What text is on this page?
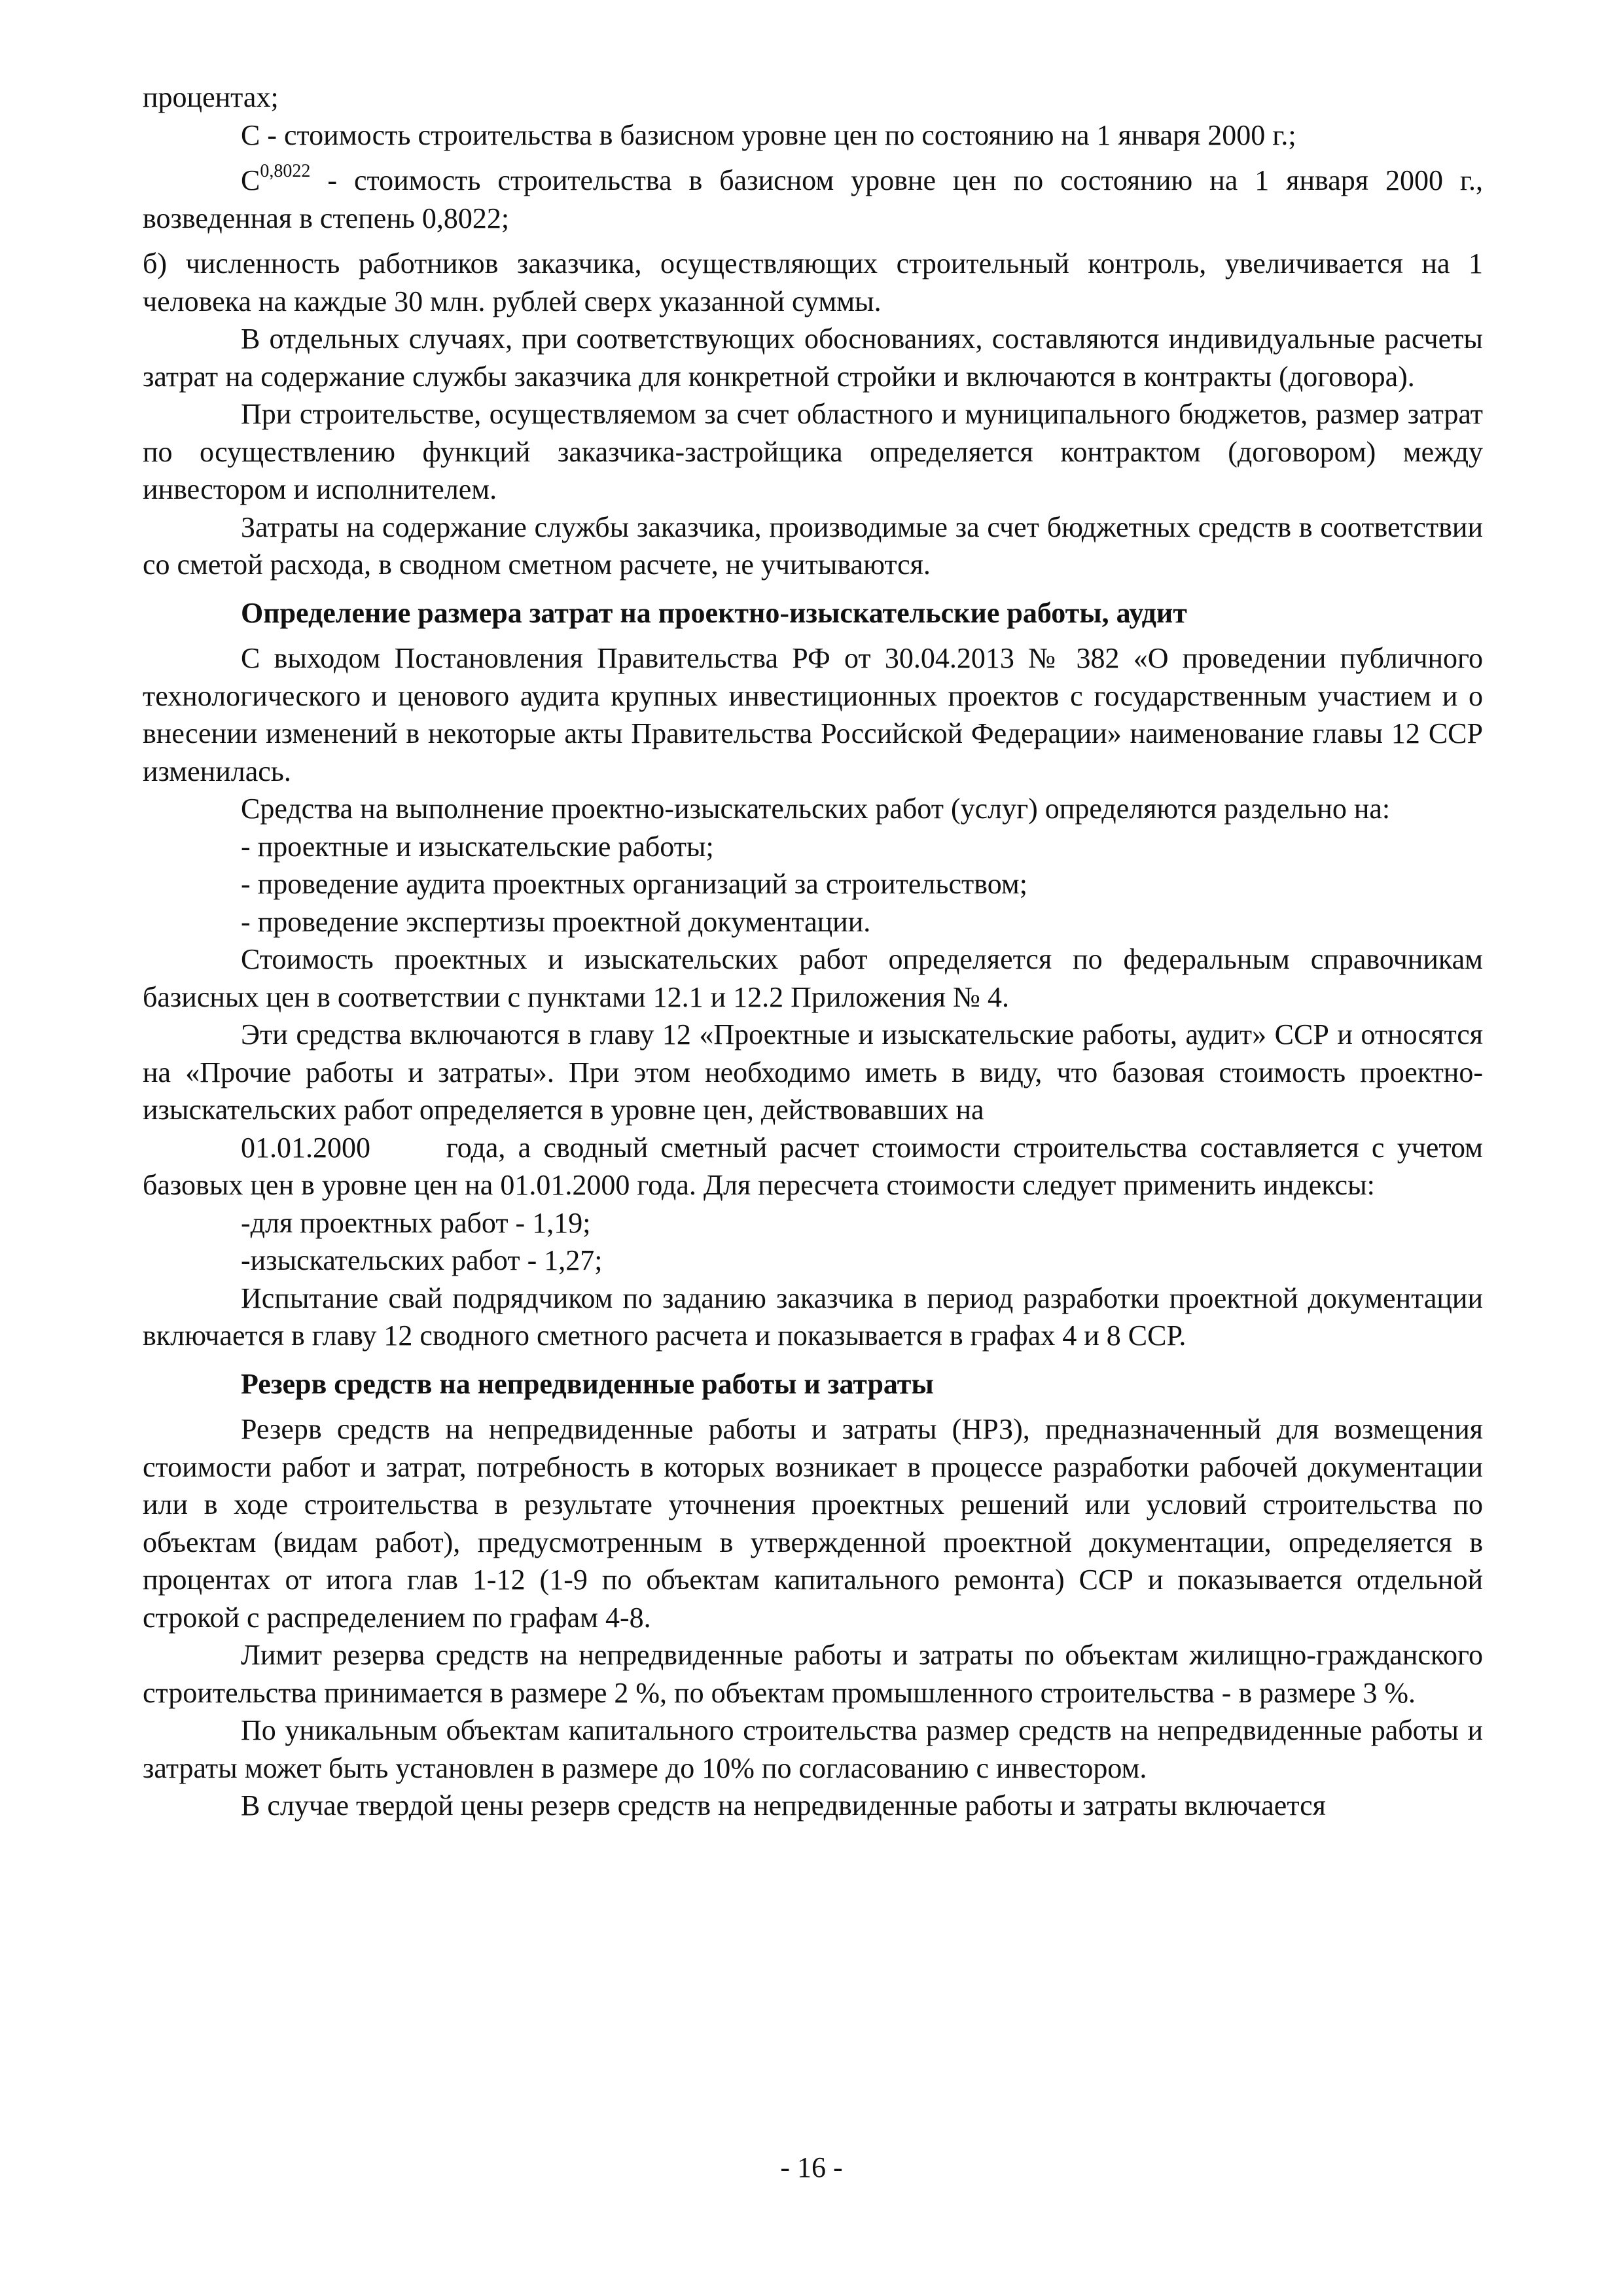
процентах;

С - стоимость строительства в базисном уровне цен по состоянию на 1 января 2000 г.;

$С^{0,8022}$ - стоимость строительства в базисном уровне цен по состоянию на 1 января 2000 г., возведенная в степень 0,8022;

б) численность работников заказчика, осуществляющих строительный контроль, увеличивается на 1 человека на каждые 30 млн. рублей сверх указанной суммы.

В отдельных случаях, при соответствующих обоснованиях, составляются индивидуальные расчеты затрат на содержание службы заказчика для конкретной стройки и включаются в контракты (договора).

При строительстве, осуществляемом за счет областного и муниципального бюджетов, размер затрат по осуществлению функций заказчика-застройщика определяется контрактом (договором) между инвестором и исполнителем.

Затраты на содержание службы заказчика, производимые за счет бюджетных средств в соответствии со сметой расхода, в сводном сметном расчете, не учитываются.

Определение размера затрат на проектно-изыскательские работы, аудит

С выходом Постановления Правительства РФ от 30.04.2013 № 382 «О проведении публичного технологического и ценового аудита крупных инвестиционных проектов с государственным участием и о внесении изменений в некоторые акты Правительства Российской Федерации» наименование главы 12 ССР изменилась.

Средства на выполнение проектно-изыскательских работ (услуг) определяются раздельно на:

- проектные и изыскательские работы;

- проведение аудита проектных организаций за строительством;

- проведение экспертизы проектной документации.

Стоимость проектных и изыскательских работ определяется по федеральным справочникам базисных цен в соответствии с пунктами 12.1 и 12.2 Приложения № 4.

Эти средства включаются в главу 12 «Проектные и изыскательские работы, аудит» ССР и относятся на «Прочие работы и затраты». При этом необходимо иметь в виду, что базовая стоимость проектно-изыскательских работ определяется в уровне цен, действовавших на

01.01.2000      года, а сводный сметный расчет стоимости строительства составляется с учетом базовых цен в уровне цен на 01.01.2000 года. Для пересчета стоимости следует применить индексы:

-для проектных работ - 1,19;

-изыскательских работ - 1,27;

Испытание свай подрядчиком по заданию заказчика в период разработки проектной документации включается в главу 12 сводного сметного расчета и показывается в графах 4 и 8 ССР.

Резерв средств на непредвиденные работы и затраты

Резерв средств на непредвиденные работы и затраты (НРЗ), предназначенный для возмещения стоимости работ и затрат, потребность в которых возникает в процессе разработки рабочей документации или в ходе строительства в результате уточнения проектных решений или условий строительства по объектам (видам работ), предусмотренным в утвержденной проектной документации, определяется в процентах от итога глав 1-12 (1-9 по объектам капитального ремонта) ССР и показывается отдельной строкой с распределением по графам 4-8.

Лимит резерва средств на непредвиденные работы и затраты по объектам жилищно-гражданского строительства принимается в размере 2 %, по объектам промышленного строительства - в размере 3 %.

По уникальным объектам капитального строительства размер средств на непредвиденные работы и затраты может быть установлен в размере до 10% по согласованию с инвестором.

В случае твердой цены резерв средств на непредвиденные работы и затраты включается

- 16 -
